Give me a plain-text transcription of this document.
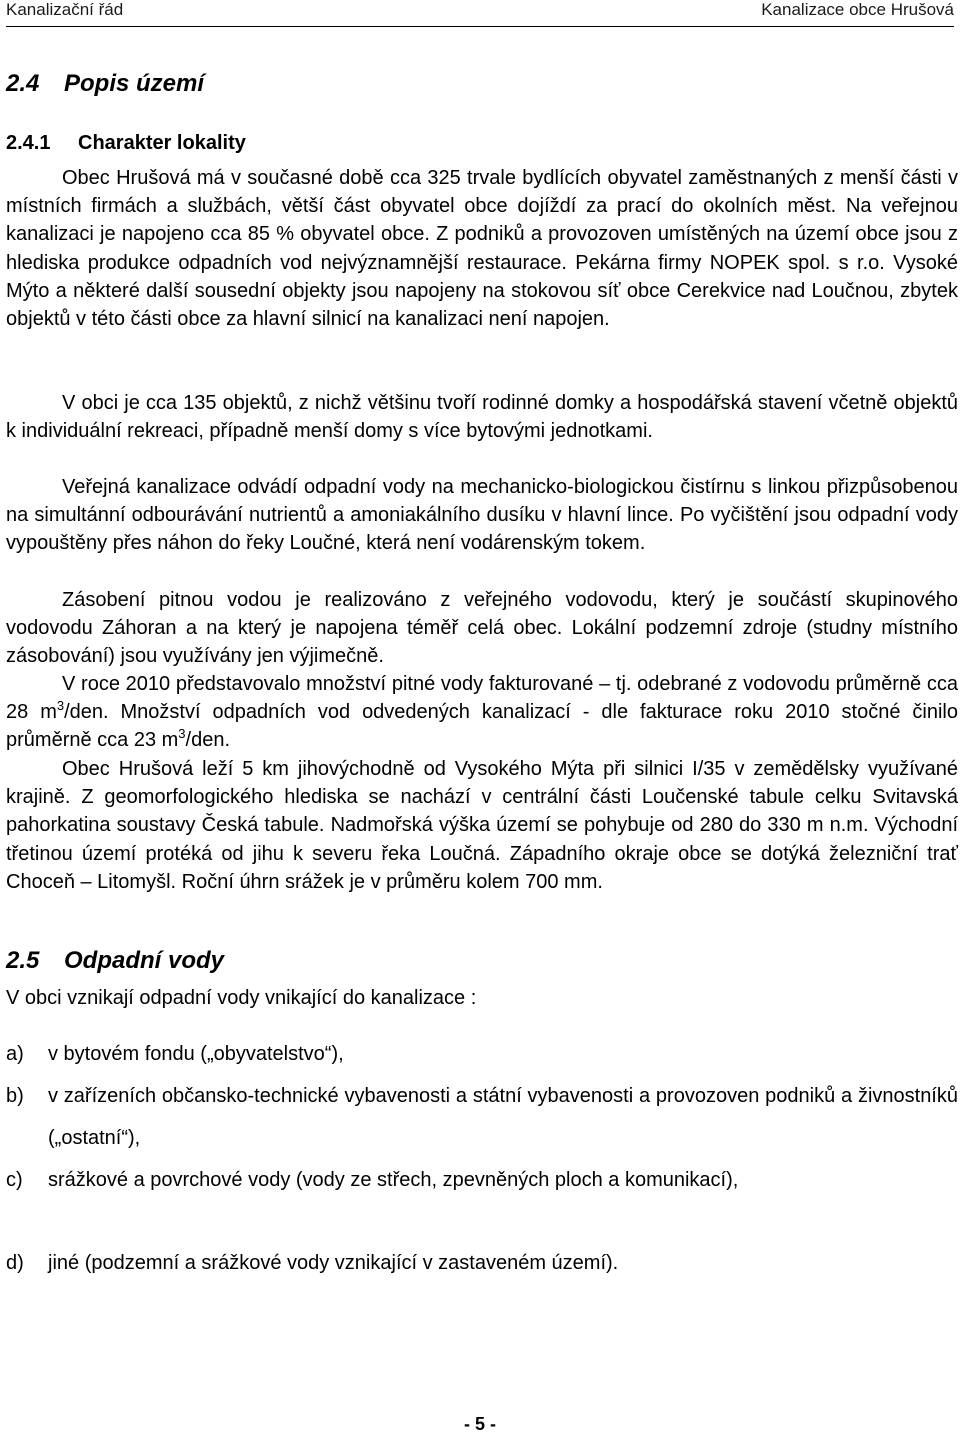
Kanalizační řád	Kanalizace obce Hrušová
2.4 Popis území
2.4.1 Charakter lokality
Obec Hrušová má v současné době cca 325 trvale bydlících obyvatel zaměstnaných z menší části v místních firmách a službách, větší část obyvatel obce dojíždí za prací do okolních měst. Na veřejnou kanalizaci je napojeno cca 85 % obyvatel obce. Z podniků a provozoven umístěných na území obce jsou z hlediska produkce odpadních vod nejvýznamnější restaurace. Pekárna firmy NOPEK spol. s r.o. Vysoké Mýto a některé další sousední objekty jsou napojeny na stokovou síť obce Cerekvice nad Loučnou, zbytek objektů v této části obce za hlavní silnicí na kanalizaci není napojen.
V obci je cca 135 objektů, z nichž většinu tvoří rodinné domky a hospodářská stavení včetně objektů k individuální rekreaci, případně menší domy s více bytovými jednotkami.
Veřejná kanalizace odvádí odpadní vody na mechanicko-biologickou čistírnu s linkou přizpůsobenou na simultánní odbourávání nutrientů a amoniakálního dusíku v hlavní lince. Po vyčištění jsou odpadní vody vypouštěny přes náhon do řeky Loučné, která není vodárenským tokem.
Zásobení pitnou vodou je realizováno z veřejného vodovodu, který je součástí skupinového vodovodu Záhoran a na který je napojena téměř celá obec. Lokální podzemní zdroje (studny místního zásobování) jsou využívány jen výjimečně.
V roce 2010 představovalo množství pitné vody fakturované – tj. odebrané z vodovodu průměrně cca 28 $m^3$/den. Množství odpadních vod odvedených kanalizací - dle fakturace roku 2010 stočné činilo průměrně cca 23 $m^3$/den.
Obec Hrušová leží 5 km jihovýchodně od Vysokého Mýta při silnici I/35 v zemědělsky využívané krajině. Z geomorfologického hlediska se nachází v centrální části Loučenské tabule celku Svitavská pahorkatina soustavy Česká tabule. Nadmořská výška území se pohybuje od 280 do 330 m n.m. Východní třetinou území protéká od jihu k severu řeka Loučná. Západního okraje obce se dotýká železniční trať Choceň – Litomyšl. Roční úhrn srážek je v průměru kolem 700 mm.
2.5 Odpadní vody
V obci vznikají odpadní vody vnikající do kanalizace :
a) v bytovém fondu („obyvatelstvo“),
b) v zařízeních občansko-technické vybavenosti a státní vybavenosti a provozoven podniků a živnostníků („ostatní“),
c) srážkové a povrchové vody (vody ze střech, zpevněných ploch a komunikací),
d) jiné (podzemní a srážkové vody vznikající v zastaveném území).
- 5 -
